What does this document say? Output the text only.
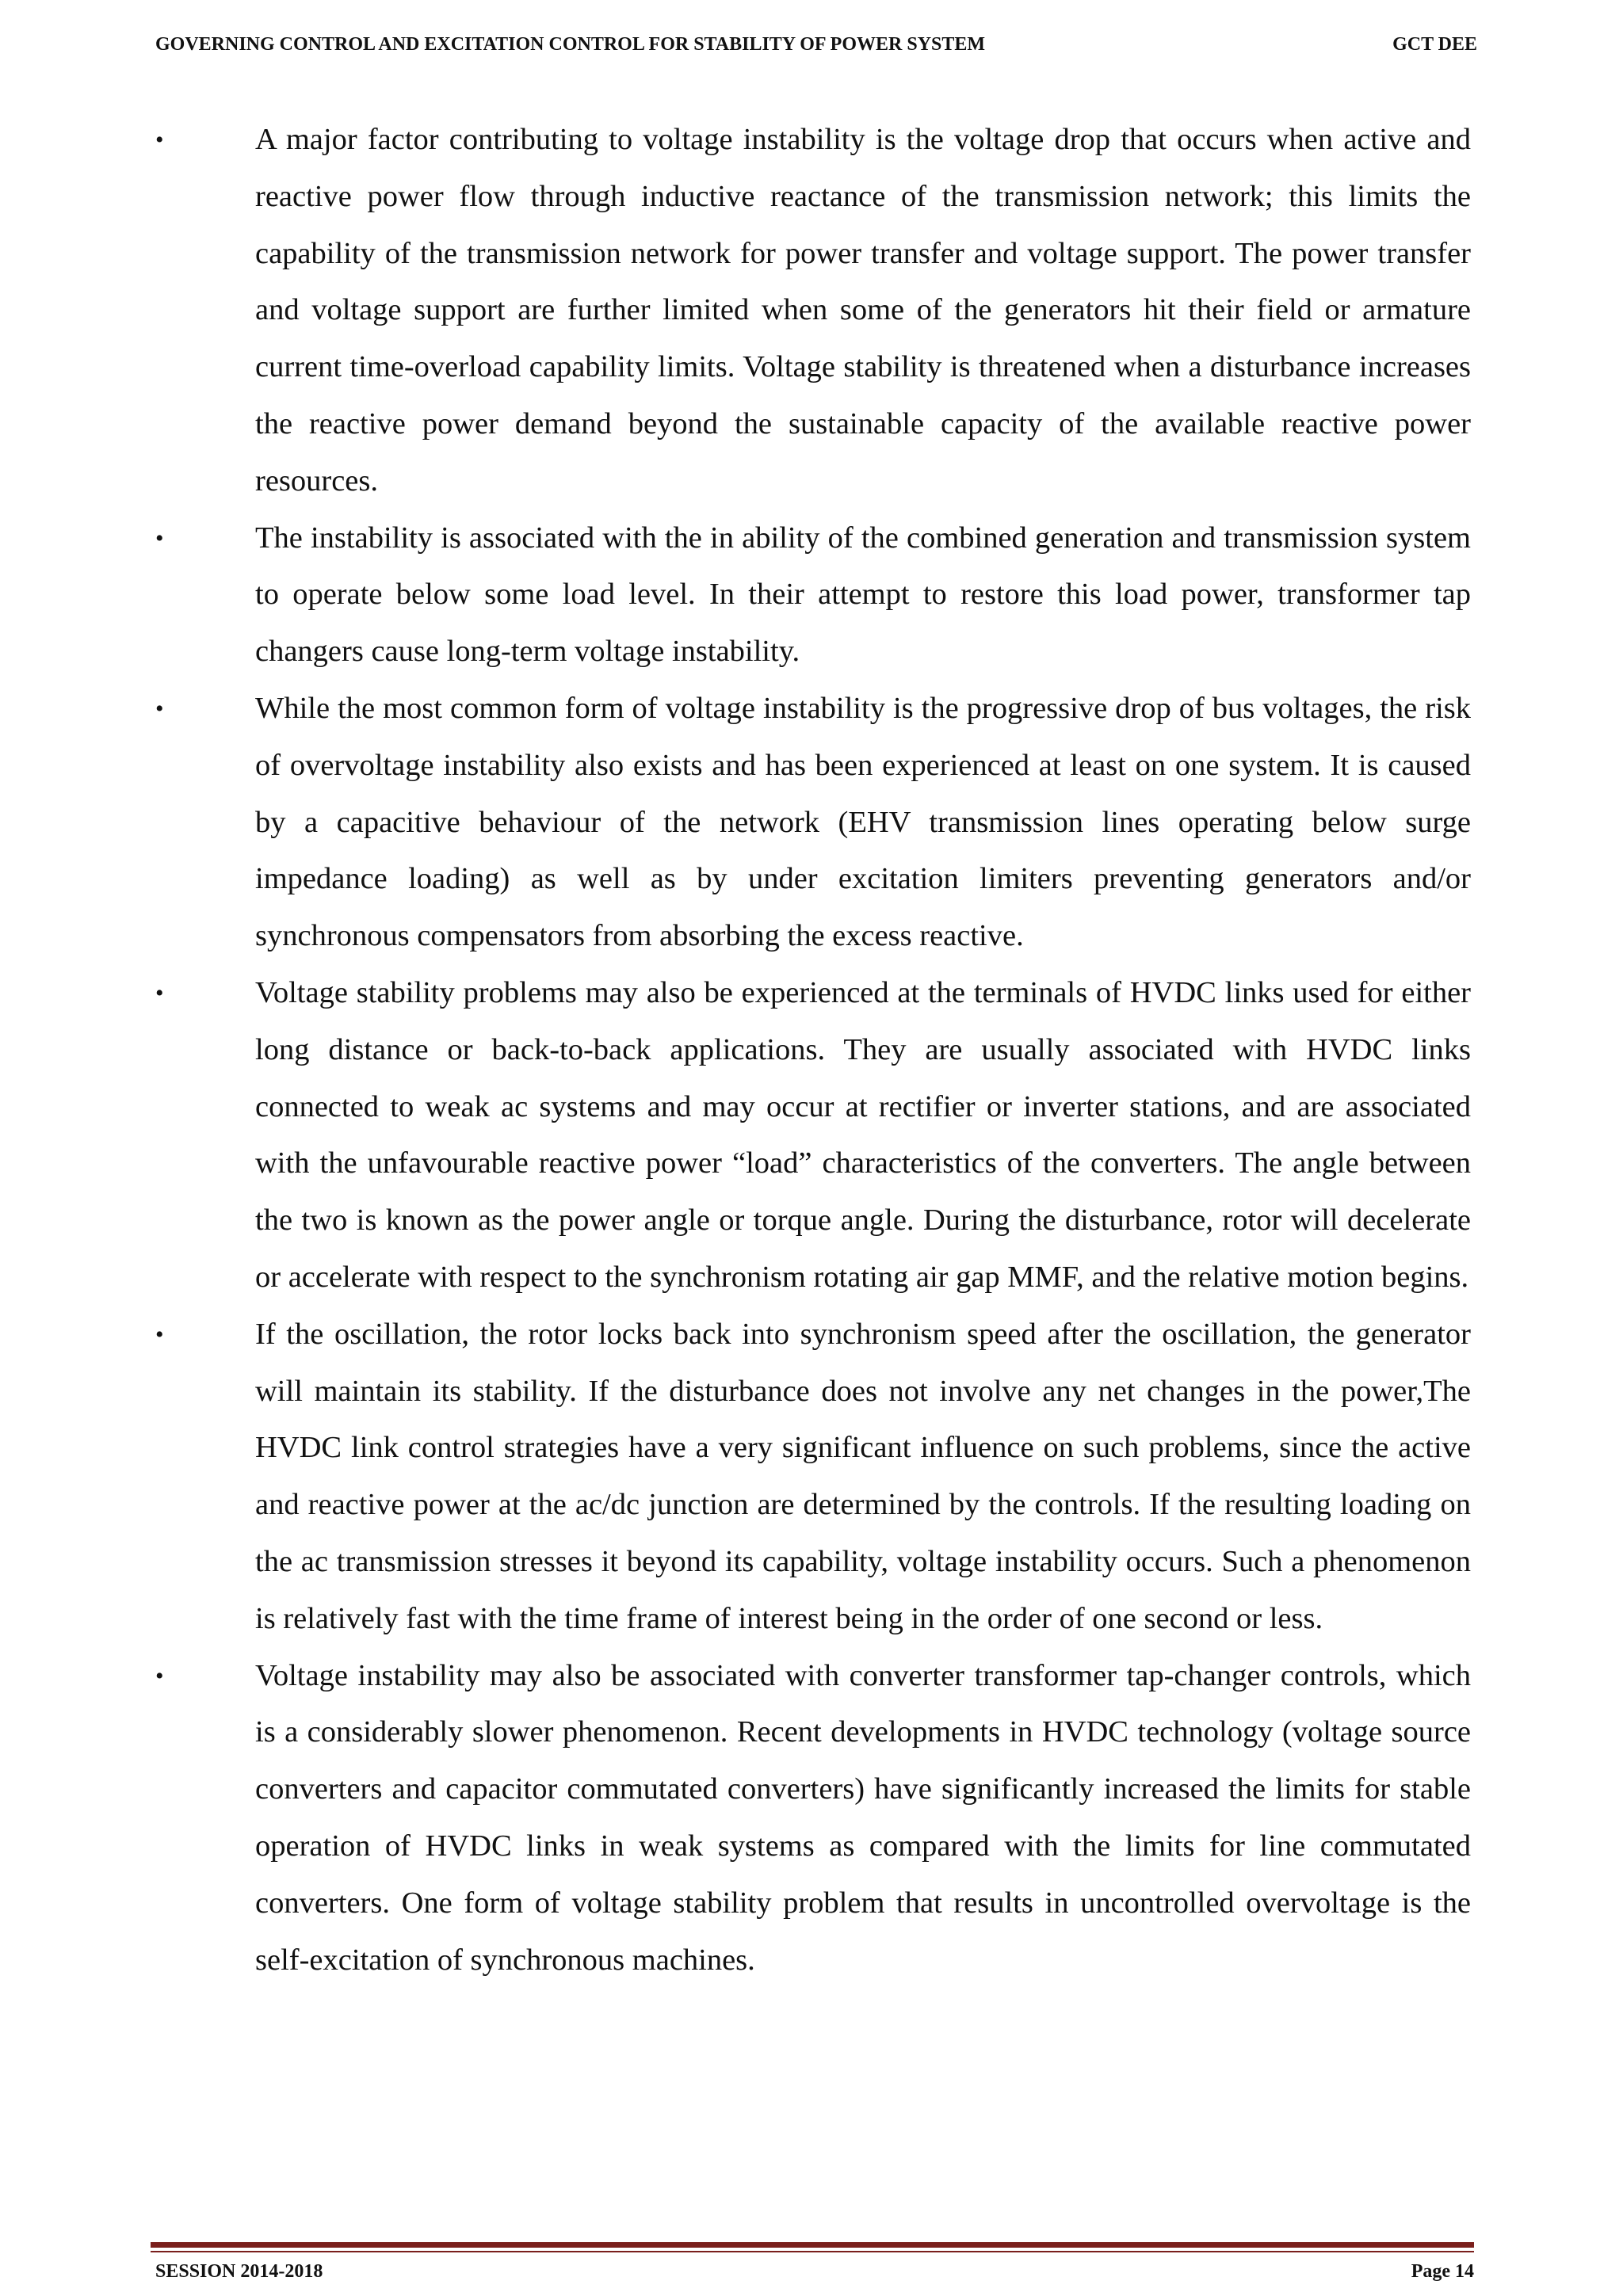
GOVERNING CONTROL AND EXCITATION CONTROL FOR STABILITY OF POWER SYSTEM	GCT DEE
•	A major factor contributing to voltage instability is the voltage drop that occurs when active and reactive power flow through inductive reactance of the transmission network; this limits the capability of the transmission network for power transfer and voltage support. The power transfer and voltage support are further limited when some of the generators hit their field or armature current time-overload capability limits. Voltage stability is threatened when a disturbance increases the reactive power demand beyond the sustainable capacity of the available reactive power resources.
•	The instability is associated with the in ability of the combined generation and transmission system to operate below some load level. In their attempt to restore this load power, transformer tap changers cause long-term voltage instability.
•	While the most common form of voltage instability is the progressive drop of bus voltages, the risk of overvoltage instability also exists and has been experienced at least on one system. It is caused by a capacitive behaviour of the network (EHV transmission lines operating below surge impedance loading) as well as by under excitation limiters preventing generators and/or synchronous compensators from absorbing the excess reactive.
•	Voltage stability problems may also be experienced at the terminals of HVDC links used for either long distance or back-to-back applications. They are usually associated with HVDC links connected to weak ac systems and may occur at rectifier or inverter stations, and are associated with the unfavourable reactive power “load” characteristics of the converters. The angle between the two is known as the power angle or torque angle. During the disturbance, rotor will decelerate or accelerate with respect to the synchronism rotating air gap MMF, and the relative motion begins.
•	If the oscillation, the rotor locks back into synchronism speed after the oscillation, the generator will maintain its stability. If the disturbance does not involve any net changes in the power,The HVDC link control strategies have a very significant influence on such problems, since the active and reactive power at the ac/dc junction are determined by the controls. If the resulting loading on the ac transmission stresses it beyond its capability, voltage instability occurs. Such a phenomenon is relatively fast with the time frame of interest being in the order of one second or less.
•	Voltage instability may also be associated with converter transformer tap-changer controls, which is a considerably slower phenomenon. Recent developments in HVDC technology (voltage source converters and capacitor commutated converters) have significantly increased the limits for stable operation of HVDC links in weak systems as compared with the limits for line commutated converters. One form of voltage stability problem that results in uncontrolled overvoltage is the self-excitation of synchronous machines.
SESSION 2014-2018	Page 14
